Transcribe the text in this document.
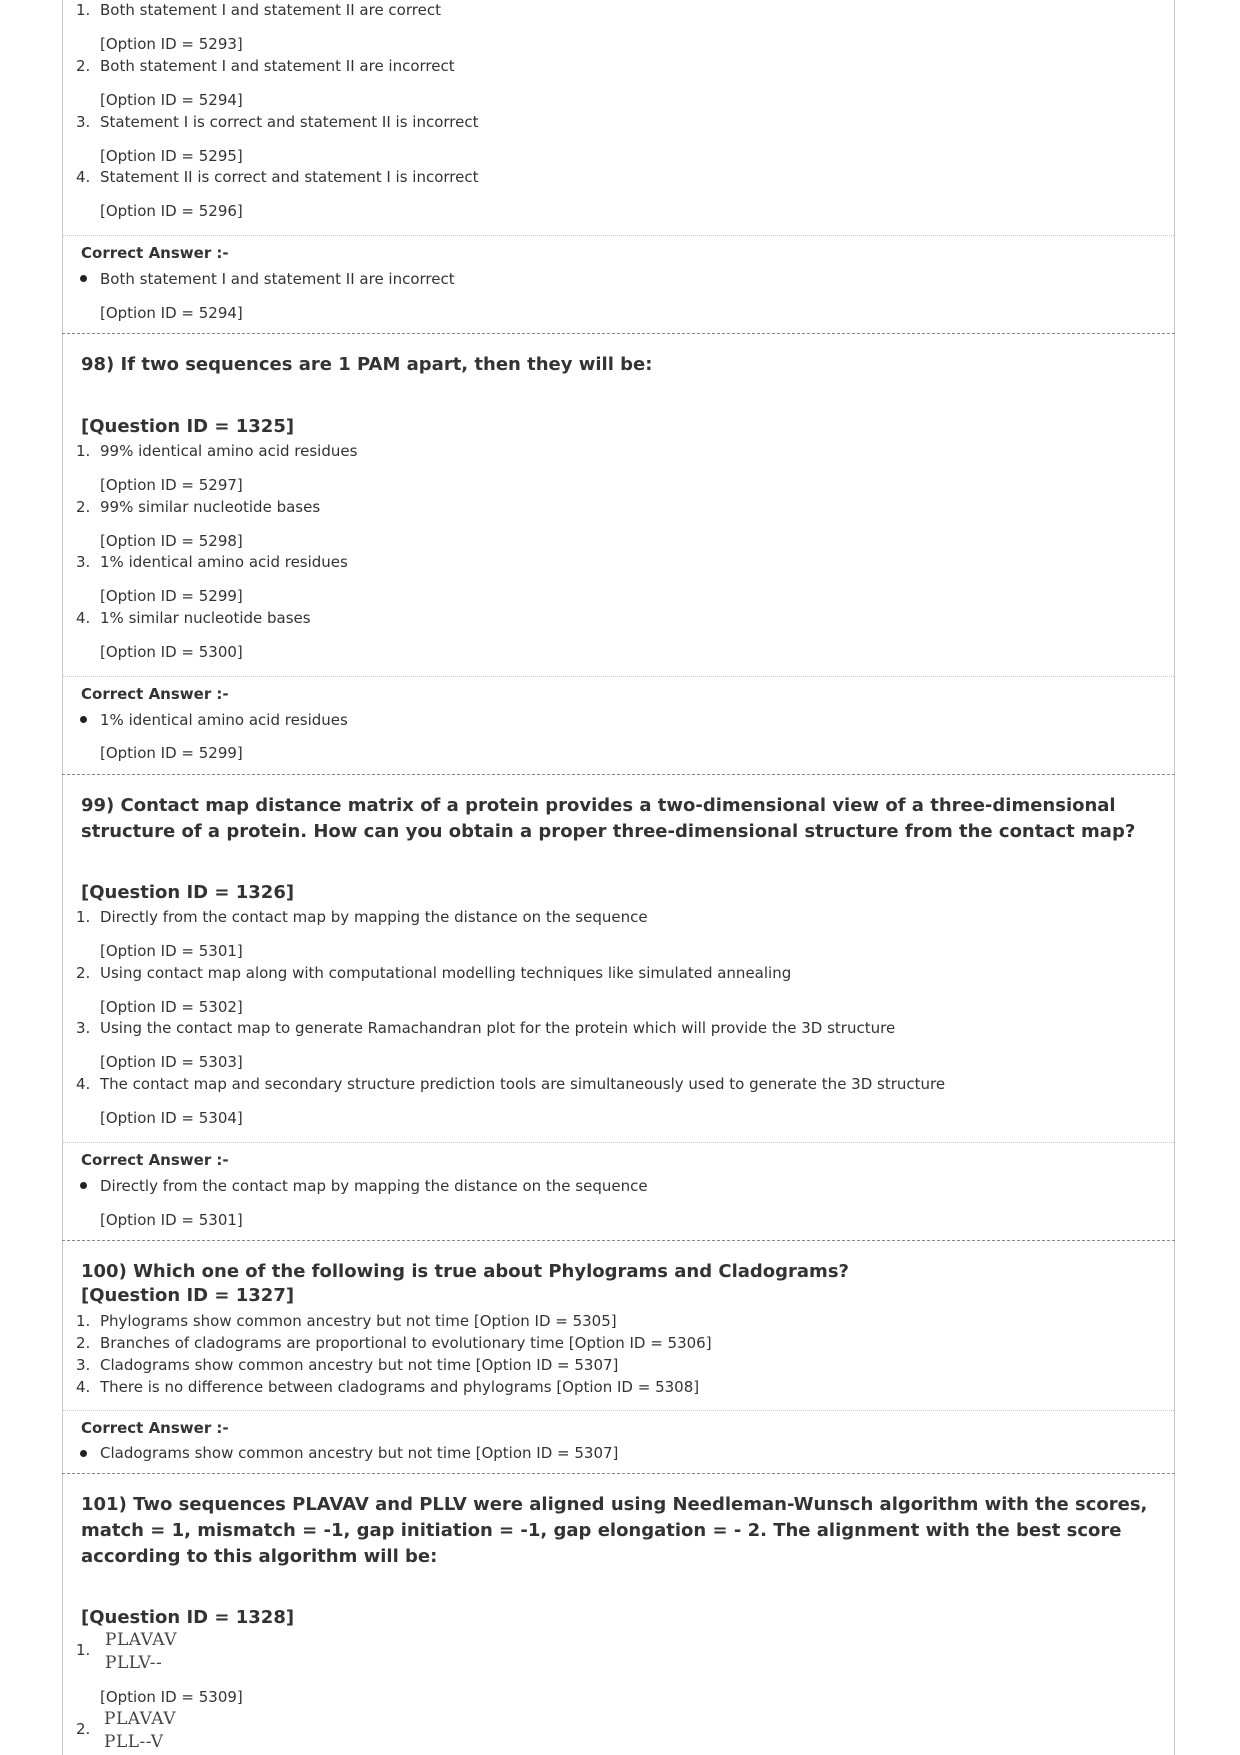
1. Both statement I and statement II are correct
[Option ID = 5293]
2. Both statement I and statement II are incorrect
[Option ID = 5294]
3. Statement I is correct and statement II is incorrect
[Option ID = 5295]
4. Statement II is correct and statement I is incorrect
[Option ID = 5296]
Correct Answer :-
Both statement I and statement II are incorrect
[Option ID = 5294]
98) If two sequences are 1 PAM apart, then they will be:
[Question ID = 1325]
1. 99% identical amino acid residues
[Option ID = 5297]
2. 99% similar nucleotide bases
[Option ID = 5298]
3. 1% identical amino acid residues
[Option ID = 5299]
4. 1% similar nucleotide bases
[Option ID = 5300]
Correct Answer :-
1% identical amino acid residues
[Option ID = 5299]
99) Contact map distance matrix of a protein provides a two-dimensional view of a three-dimensional structure of a protein. How can you obtain a proper three-dimensional structure from the contact map?
[Question ID = 1326]
1. Directly from the contact map by mapping the distance on the sequence
[Option ID = 5301]
2. Using contact map along with computational modelling techniques like simulated annealing
[Option ID = 5302]
3. Using the contact map to generate Ramachandran plot for the protein which will provide the 3D structure
[Option ID = 5303]
4. The contact map and secondary structure prediction tools are simultaneously used to generate the 3D structure
[Option ID = 5304]
Correct Answer :-
Directly from the contact map by mapping the distance on the sequence
[Option ID = 5301]
100) Which one of the following is true about Phylograms and Cladograms?
[Question ID = 1327]
1. Phylograms show common ancestry but not time [Option ID = 5305]
2. Branches of cladograms are proportional to evolutionary time [Option ID = 5306]
3. Cladograms show common ancestry but not time [Option ID = 5307]
4. There is no difference between cladograms and phylograms [Option ID = 5308]
Correct Answer :-
Cladograms show common ancestry but not time [Option ID = 5307]
101) Two sequences PLAVAV and PLLV were aligned using Needleman-Wunsch algorithm with the scores, match = 1, mismatch = -1, gap initiation = -1, gap elongation = - 2. The alignment with the best score according to this algorithm will be:
[Question ID = 1328]
1. PLAVAV
PLLV--
[Option ID = 5309]
2. PLAVAV
PLL--V
